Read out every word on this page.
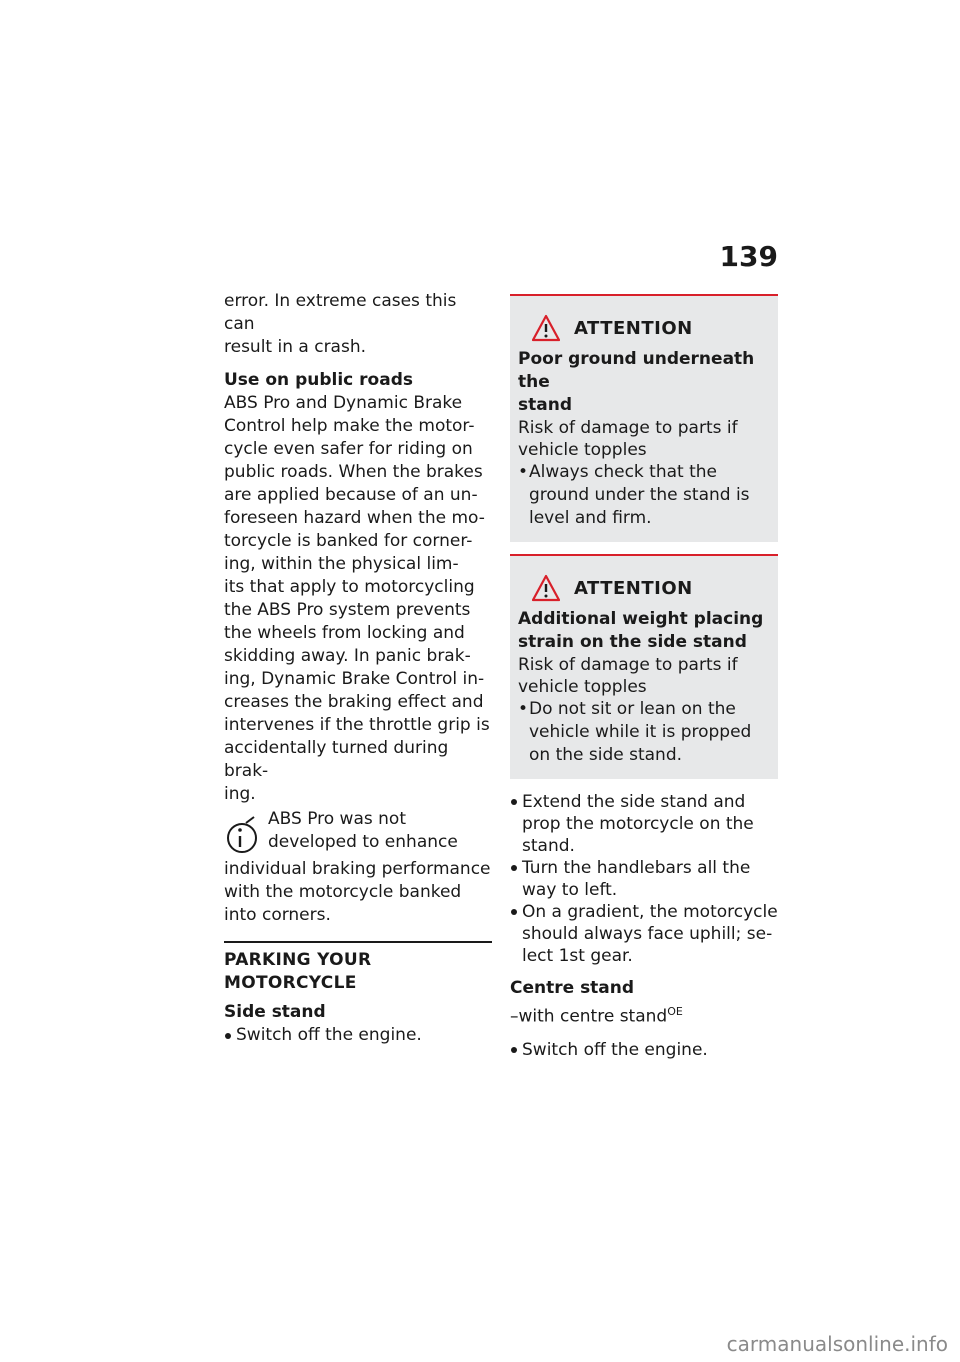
139
error. In extreme cases this can
result in a crash.
Use on public roads
ABS Pro and Dynamic Brake
Control help make the motor-
cycle even safer for riding on
public roads. When the brakes
are applied because of an un-
foreseen hazard when the mo-
torcycle is banked for corner-
ing, within the physical lim-
its that apply to motorcycling
the ABS Pro system prevents
the wheels from locking and
skidding away. In panic brak-
ing, Dynamic Brake Control in-
creases the braking effect and
intervenes if the throttle grip is
accidentally turned during brak-
ing.
ABS Pro was not
developed to enhance
individual braking performance
with the motorcycle banked
into corners.
PARKING YOUR
MOTORCYCLE
Side stand
Switch off the engine.
ATTENTION
Poor ground underneath the
stand
Risk of damage to parts if
vehicle topples
• Always check that the
ground under the stand is
level and firm.
ATTENTION
Additional weight placing
strain on the side stand
Risk of damage to parts if
vehicle topples
• Do not sit or lean on the
vehicle while it is propped
on the side stand.
Extend the side stand and
prop the motorcycle on the
stand.
Turn the handlebars all the
way to left.
On a gradient, the motorcycle
should always face uphill; se-
lect 1st gear.
Centre stand
–with centre stand$^{OE}$
Switch off the engine.
carmanualsonline.info
